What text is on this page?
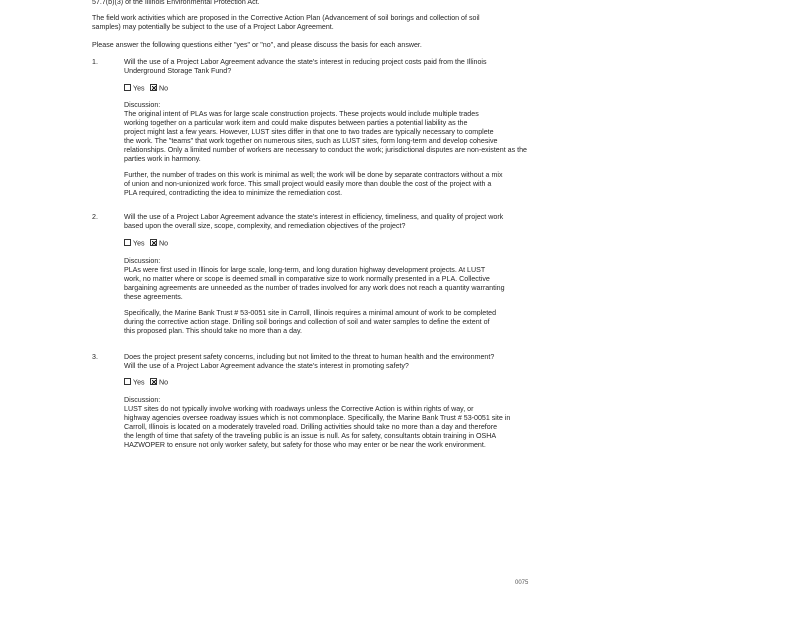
57.7(b)(3) of the Illinois Environmental Protection Act.
The field work activities which are proposed in the Corrective Action Plan (Advancement of soil borings and collection of soil
samples) may potentially be subject to the use of a Project Labor Agreement.
Please answer the following questions either "yes" or "no", and please discuss the basis for each answer.
1.	Will the use of a Project Labor Agreement advance the state's interest in reducing project costs paid from the Illinois
Underground Storage Tank Fund?
Yes	No
Discussion:
The original intent of PLAs was for large scale construction projects. These projects would include multiple trades
working together on a particular work item and could make disputes between parties a potential liability as the
project might last a few years. However, LUST sites differ in that one to two trades are typically necessary to complete
the work. The "teams" that work together on numerous sites, such as LUST sites, form long-term and develop cohesive
relationships. Only a limited number of workers are necessary to conduct the work; jurisdictional disputes are non-existent as the
parties work in harmony.
Further, the number of trades on this work is minimal as well; the work will be done by separate contractors without a mix
of union and non-unionized work force. This small project would easily more than double the cost of the project with a
PLA required, contradicting the idea to minimize the remediation cost.
2.	Will the use of a Project Labor Agreement advance the state's interest in efficiency, timeliness, and quality of project work
based upon the overall size, scope, complexity, and remediation objectives of the project?
Yes	No
Discussion:
PLAs were first used in Illinois for large scale, long-term, and long duration highway development projects. At LUST
work, no matter where or scope is deemed small in comparative size to work normally presented in a PLA. Collective
bargaining agreements are unneeded as the number of trades involved for any work does not reach a quantity warranting
these agreements.
Specifically, the Marine Bank Trust # 53-0051 site in Carroll, Illinois requires a minimal amount of work to be completed
during the corrective action stage. Drilling soil borings and collection of soil and water samples to define the extent of
this proposed plan. This should take no more than a day.
3.	Does the project present safety concerns, including but not limited to the threat to human health and the environment?
Will the use of a Project Labor Agreement advance the state's interest in promoting safety?
Yes	No
Discussion:
LUST sites do not typically involve working with roadways unless the Corrective Action is within rights of way, or
highway agencies oversee roadway issues which is not commonplace. Specifically, the Marine Bank Trust # 53-0051 site in
Carroll, Illinois is located on a moderately traveled road. Drilling activities should take no more than a day and therefore
the length of time that safety of the traveling public is an issue is null. As for safety, consultants obtain training in OSHA
HAZWOPER to ensure not only worker safety, but safety for those who may enter or be near the work environment.
0075
